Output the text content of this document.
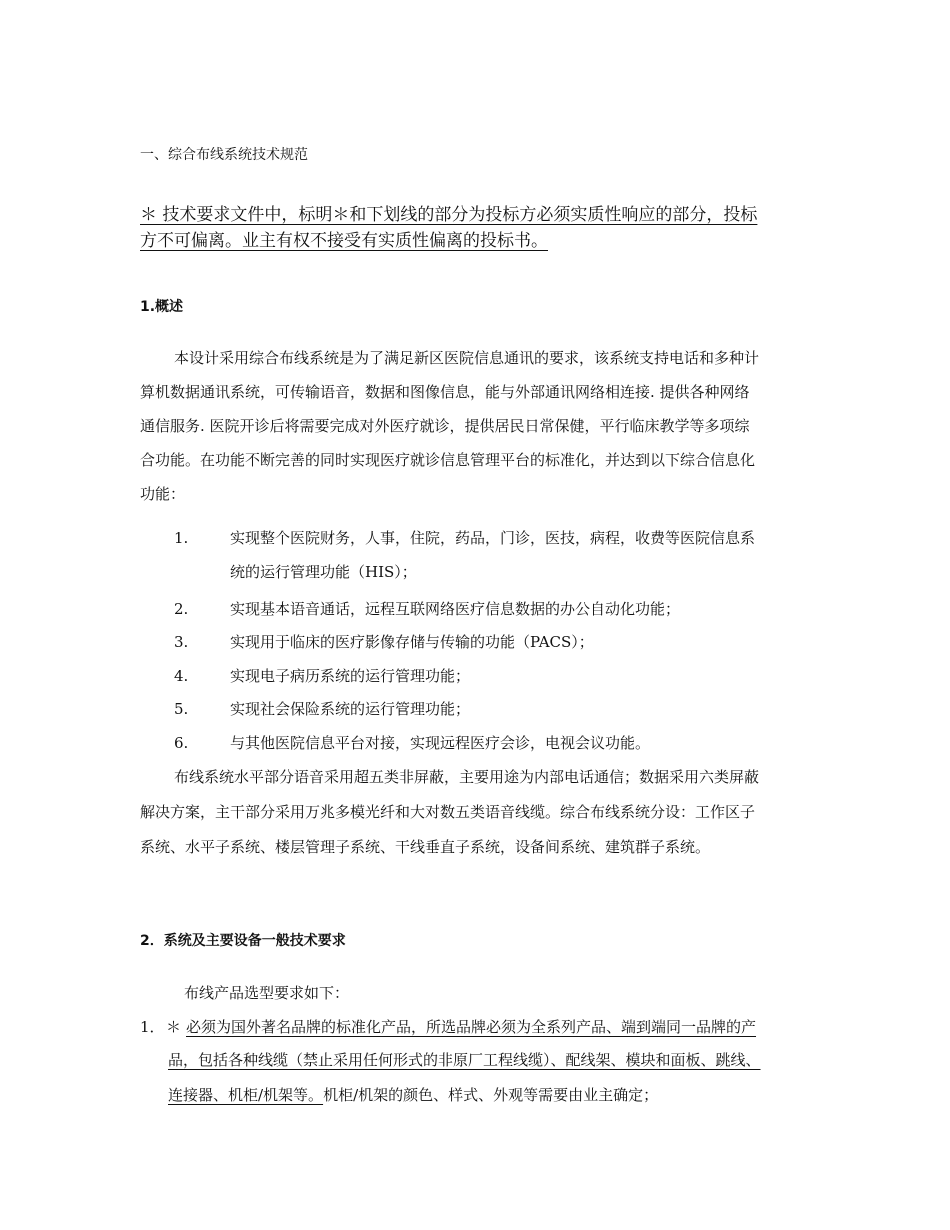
一、综合布线系统技术规范
＊ 技术要求文件中，标明＊和下划线的部分为投标方必须实质性响应的部分，投标
方不可偏离。业主有权不接受有实质性偏离的投标书。
1.概述
本设计采用综合布线系统是为了满足新区医院信息通讯的要求，该系统支持电话和多种计
算机数据通讯系统，可传输语音，数据和图像信息，能与外部通讯网络相连接. 提供各种网络
通信服务. 医院开诊后将需要完成对外医疗就诊，提供居民日常保健，平行临床教学等多项综
合功能。在功能不断完善的同时实现医疗就诊信息管理平台的标准化，并达到以下综合信息化
功能：
1.	实现整个医院财务，人事，住院，药品，门诊，医技，病程，收费等医院信息系
统的运行管理功能（HIS）；
2.	实现基本语音通话，远程互联网络医疗信息数据的办公自动化功能；
3.	实现用于临床的医疗影像存储与传输的功能（PACS）；
4.	实现电子病历系统的运行管理功能；
5.	实现社会保险系统的运行管理功能；
6.	与其他医院信息平台对接，实现远程医疗会诊，电视会议功能。
布线系统水平部分语音采用超五类非屏蔽，主要用途为内部电话通信；数据采用六类屏蔽
解决方案，主干部分采用万兆多模光纤和大对数五类语音线缆。综合布线系统分设：工作区子
系统、水平子系统、楼层管理子系统、干线垂直子系统，设备间系统、建筑群子系统。
2．系统及主要设备一般技术要求
布线产品选型要求如下：
1．＊ 必须为国外著名品牌的标准化产品，所选品牌必须为全系列产品、端到端同一品牌的产
品，包括各种线缆（禁止采用任何形式的非原厂工程线缆）、配线架、模块和面板、跳线、
连接器、机柜/机架等。机柜/机架的颜色、样式、外观等需要由业主确定；
